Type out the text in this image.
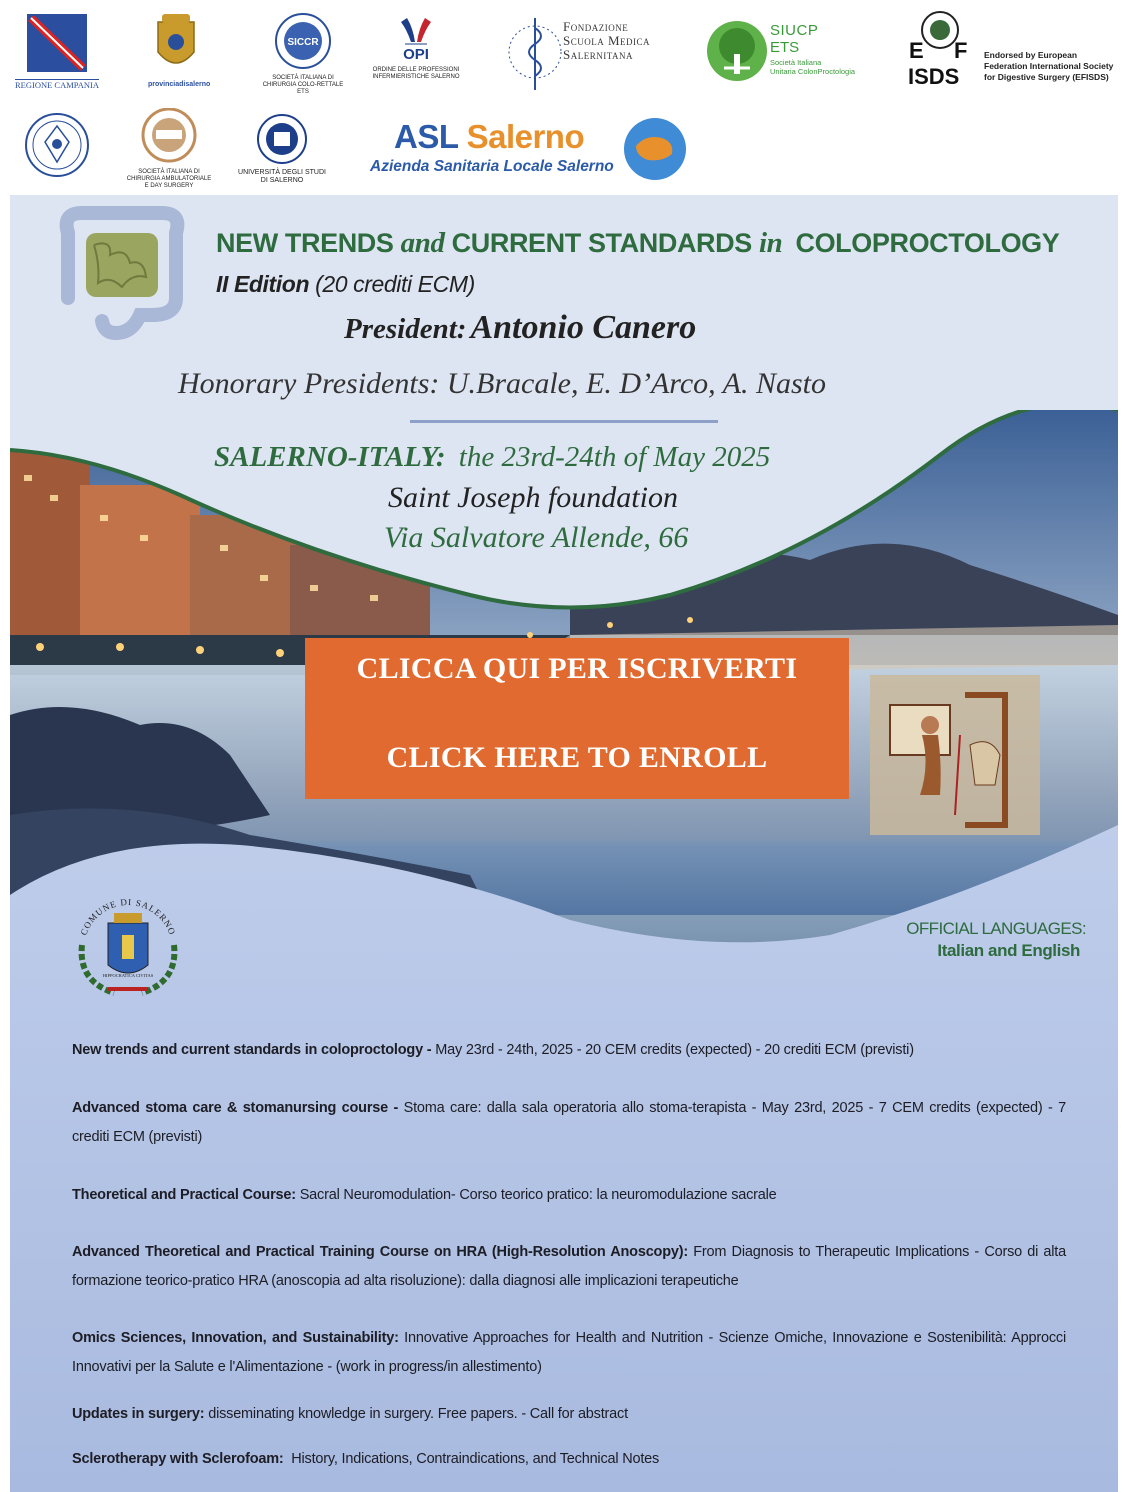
REGIONE CAMPANIA	provinciadisalerno
SICCR
SOCIETÀ ITALIANA DI CHIRURGIA COLO-RETTALE ETS
OPI
ORDINE DELLE PROFESSIONI INFERMIERISTICHE SALERNO
Fondazione
Scuola Medica
Salernitana
SIUCP
ETS
Società Italiana
Unitaria ColonProctologia
E F
ISDS
Endorsed by European Federation International Society for Digestive Surgery (EFISDS)
SOCIETÀ ITALIANA DI CHIRURGIA AMBULATORIALE E DAY SURGERY
UNIVERSITÀ DEGLI STUDI DI SALERNO
ASL Salerno
Azienda Sanitaria Locale Salerno
NEW TRENDS and CURRENT STANDARDS in COLOPROCTOLOGY
II Edition (20 crediti ECM)
President: Antonio Canero
Honorary Presidents: U.Bracale, E. D’Arco, A. Nasto
SALERNO-ITALY: the 23rd-24th of May 2025
Saint Joseph foundation
Via Salvatore Allende, 66
CLICCA QUI PER ISCRIVERTI
CLICK HERE TO ENROLL
COMUNE DI SALERNO
HIPPOCRATICA CIVITAS
OFFICIAL LANGUAGES:
Italian and English

New trends and current standards in coloproctology - May 23rd - 24th, 2025 - 20 CEM credits (expected) - 20 crediti ECM (previsti)

Advanced stoma care & stomanursing course - Stoma care: dalla sala operatoria allo stoma-terapista - May 23rd, 2025 - 7 CEM credits (expected) - 7 crediti ECM (previsti)

Theoretical and Practical Course: Sacral Neuromodulation- Corso teorico pratico: la neuromodulazione sacrale

Advanced Theoretical and Practical Training Course on HRA (High-Resolution Anoscopy): From Diagnosis to Therapeutic Implications - Corso di alta formazione teorico-pratico HRA (anoscopia ad alta risoluzione): dalla diagnosi alle implicazioni terapeutiche

Omics Sciences, Innovation, and Sustainability: Innovative Approaches for Health and Nutrition - Scienze Omiche, Innovazione e Sostenibilità: Approcci Innovativi per la Salute e l'Alimentazione - (work in progress/in allestimento)

Updates in surgery: disseminating knowledge in surgery. Free papers. - Call for abstract

Sclerotherapy with Sclerofoam:  History, Indications, Contraindications, and Technical Notes
